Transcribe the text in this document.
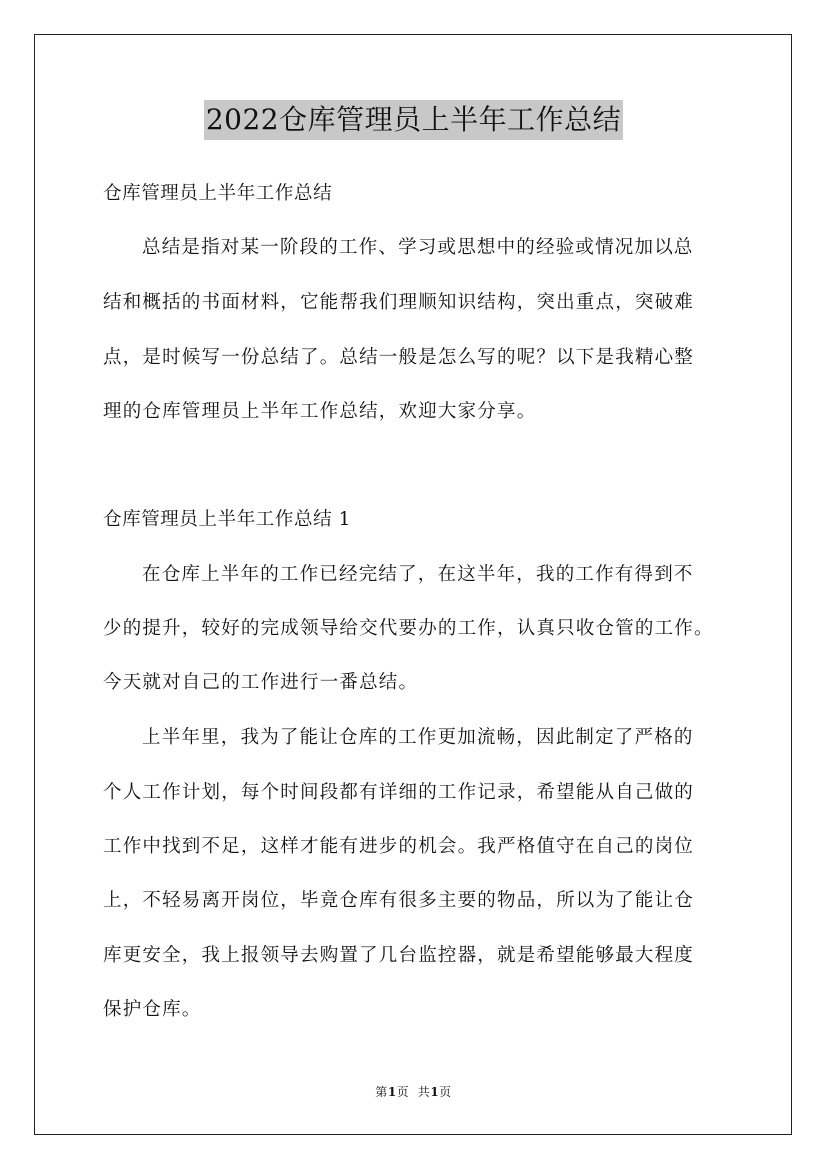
2022仓库管理员上半年工作总结
仓库管理员上半年工作总结
总结是指对某一阶段的工作、学习或思想中的经验或情况加以总
结和概括的书面材料，它能帮我们理顺知识结构，突出重点，突破难
点，是时候写一份总结了。总结一般是怎么写的呢？以下是我精心整
理的仓库管理员上半年工作总结，欢迎大家分享。
仓库管理员上半年工作总结 1
在仓库上半年的工作已经完结了，在这半年，我的工作有得到不
少的提升，较好的完成领导给交代要办的工作，认真只收仓管的工作。
今天就对自己的工作进行一番总结。
上半年里，我为了能让仓库的工作更加流畅，因此制定了严格的
个人工作计划，每个时间段都有详细的工作记录，希望能从自己做的
工作中找到不足，这样才能有进步的机会。我严格值守在自己的岗位
上，不轻易离开岗位，毕竟仓库有很多主要的物品，所以为了能让仓
库更安全，我上报领导去购置了几台监控器，就是希望能够最大程度
保护仓库。
第1页  共1页
